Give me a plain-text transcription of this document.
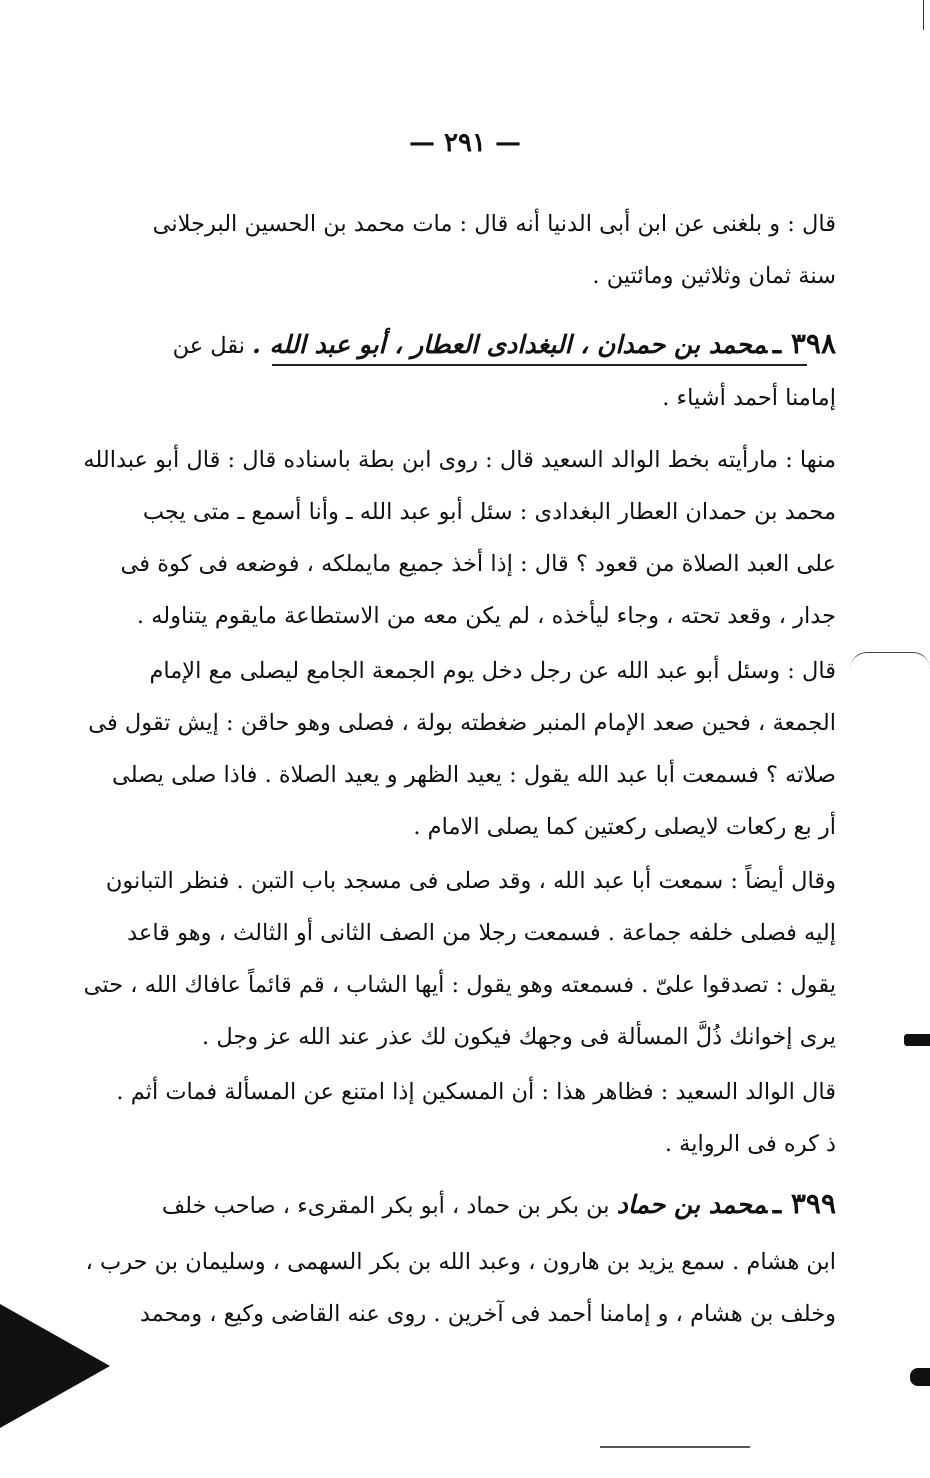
— ٢٩١ —
قال : و بلغنى عن ابن أبى الدنيا أنه قال : مات محمد بن الحسين البرجلانى
سنة ثمان وثلاثين ومائتين .
٣٩٨ ـمحمد بن حمدان ، البغدادى العطار ، أبو عبد الله . نقل عن
إمامنا أحمد أشياء .
منها : مارأيته بخط الوالد السعيد قال : روى ابن بطة باسناده قال : قال أبو عبدالله
محمد بن حمدان العطار البغدادى : سئل أبو عبد الله ـ وأنا أسمع ـ متى يجب
على العبد الصلاة من قعود ؟ قال : إذا أخذ جميع مايملكه ، فوضعه فى كوة فى
جدار ، وقعد تحته ، وجاء ليأخذه ، لم يكن معه من الاستطاعة مايقوم يتناوله .
قال : وسئل أبو عبد الله عن رجل دخل يوم الجمعة الجامع ليصلى مع الإمام
الجمعة ، فحين صعد الإمام المنبر ضغطته بولة ، فصلى وهو حاقن : إيش تقول فى
صلاته ؟ فسمعت أبا عبد الله يقول : يعيد الظهر و يعيد الصلاة . فاذا صلى يصلى
أر بع ركعات لايصلى ركعتين كما يصلى الامام .
وقال أيضاً : سمعت أبا عبد الله ، وقد صلى فى مسجد باب التبن . فنظر التبانون
إليه فصلى خلفه جماعة . فسمعت رجلا من الصف الثانى أو الثالث ، وهو قاعد
يقول : تصدقوا علىّ . فسمعته وهو يقول : أيها الشاب ، قم قائماً عافاك الله ، حتى
يرى إخوانك ذُلَّ المسألة فى وجهك فيكون لك عذر عند الله عز وجل .
قال الوالد السعيد : فظاهر هذا : أن المسكين إذا امتنع عن المسألة فمات أثم .
ذ كره فى الرواية .
٣٩٩ ـمحمد بن حماد بن بكر بن حماد ، أبو بكر المقرىء ، صاحب خلف
ابن هشام . سمع يزيد بن هارون ، وعبد الله بن بكر السهمى ، وسليمان بن حرب ،
وخلف بن هشام ، و إمامنا أحمد فى آخرين . روى عنه القاضى وكيع ، ومحمد
